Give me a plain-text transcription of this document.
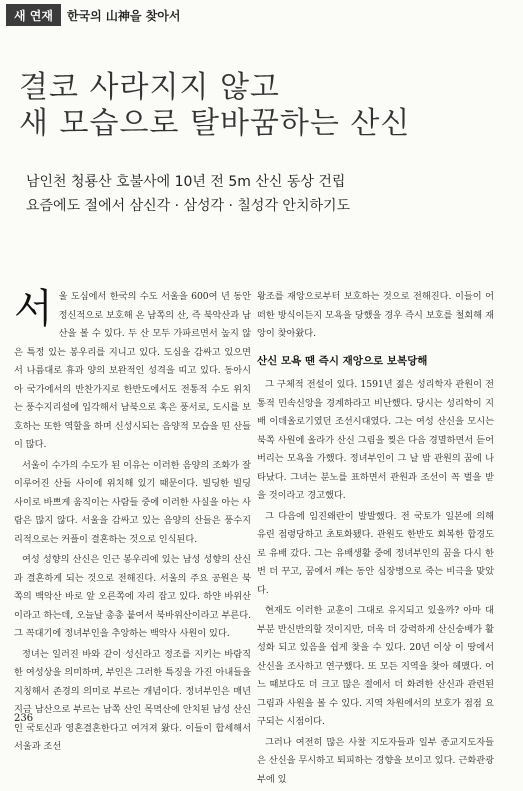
새 연재	한국의 山神을 찾아서
결코 사라지지 않고
새 모습으로 탈바꿈하는 산신
남인천 청룡산 호불사에 10년 전 5m 산신 동상 건립
요즘에도 절에서 삼신각 · 삼성각 · 칠성각 안치하기도

서울 도심에서 한국의 수도 서울을 600여 년 동안 정신적으로 보호해 온 남쪽의 산, 즉 북악산과 남산을 볼 수 있다. 두 산 모두 가파르면서 높지 않은 특정 있는 봉우리를 지니고 있다. 도심을 감싸고 있으면서 나름대로 휴과 양의 보완적인 성격을 띠고 있다. 동아시아 국가에서의 반찬가지로 한반도에서도 전통적 수도 위치는 풍수지리설에 입각해서 남북으로 혹은 풍서로, 도시를 보호하는 또한 역할을 하며 신성시되는 음양적 모습을 띤 산들이 많다.

서울이 수가의 수도가 된 이유는 이러한 음양의 조화가 잘 이루어진 산들 사이에 위치해 있기 때문이다. 빌딩한 빌딩 사이로 바쁘게 움직이는 사람들 중에 이러한 사실을 아는 사람은 많지 않다. 서울을 감싸고 있는 음양의 산들은 풍수지리적으로는 커플이 결혼하는 것으로 인식된다.

여성 성향의 산신은 인근 봉우리에 있는 남성 성향의 산신과 결혼하게 되는 것으로 전해진다. 서울의 주요 공원은 북쪽의 백악산 바로 앞 오른쪽에 자리 잡고 있다. 하얀 바위산이라고 하는데, 오늘날 총총 붙여서 북바위산이라고 부른다. 그 꼭대기에 정녀부인을 추앙하는 백악사 사원이 있다.

정녀는 일러진 바와 같이 성신라고 정조를 지키는 바람직한 여성상을 의미하며, 부인은 그러한 특징을 가진 아내들을 지칭해서 존경의 의미로 부르는 개념이다. 정녀부인은 매년 지금 남산으로 부르는 남쪽 산인 목멱산에 안치된 남성 산신인 국토신과 영혼결혼한다고 여겨져 왔다. 이들이 합세해서 서울과 조선

왕조를 재앙으로부터 보호하는 것으로 전해진다. 이들이 어떠한 방식이든지 모욕을 당했을 경우 즉시 보호를 철회해 재앙이 찾아왔다.

산신 모욕 땐 즉시 재앙으로 보복당해

그 구체적 전설이 있다. 1591년 젊은 성리학자 관원이 전통적 민속신앙을 경계하라고 비난했다. 당시는 성리학이 지배 이데올로기였던 조선시대였다. 그는 여성 산신을 모시는 북쪽 사원에 올라가 산신 그림을 찢은 다음 경멸하면서 듣어버리는 모욕을 가했다. 정녀부인이 그 날 밤 관원의 꿈에 나타났다. 그녀는 분노를 표하면서 관원과 조선이 꼭 벌을 받을 것이라고 경고했다.

그 다음에 임진왜란이 발발했다. 전 국토가 일본에 의해 유린 점령당하고 초토화됐다. 관원도 한반도 회복한 합경도로 유배 갔다. 그는 유배생활 중에 정녀부인의 꿈을 다시 한번 더 꾸고, 꿈에서 깨는 동안 심장병으로 죽는 비극을 맞았다.

현재도 이러한 교훈이 그대로 유지되고 있을까? 아마 대부분 반신반의할 것이지만, 더욱 더 강력하게 산신숭배가 활성화 되고 있음을 쉽게 찾을 수 있다. 20년 이상 이 땅에서 산신을 조사하고 연구했다. 또 모든 지역을 찾아 헤맸다. 어느 때보다도 더 크고 많은 절에서 더 화려한 산신과 관련된 그림과 사원을 볼 수 있다. 지역 차원에서의 보호가 점점 요구되는 시점이다.

그러나 여전히 많은 사찰 지도자들과 일부 종교지도자들은 산신을 무시하고 퇴피하는 경향을 보이고 있다. 근화관광부에 있

236
